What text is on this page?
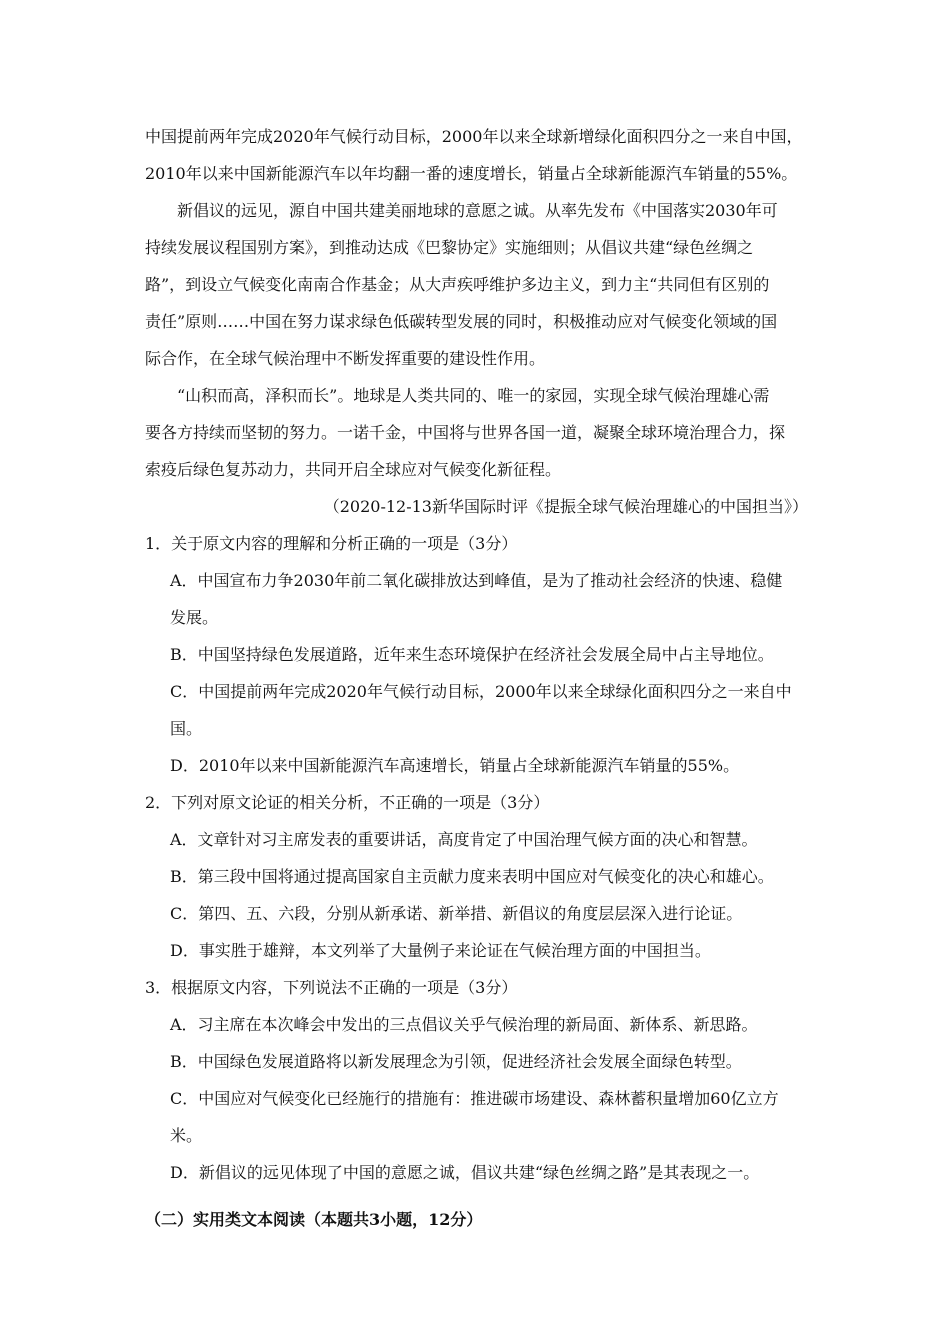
中国提前两年完成2020年气候行动目标，2000年以来全球新增绿化面积四分之一来自中国，
2010年以来中国新能源汽车以年均翻一番的速度增长，销量占全球新能源汽车销量的55%。
　　新倡议的远见，源自中国共建美丽地球的意愿之诚。从率先发布《中国落实2030年可
持续发展议程国别方案》，到推动达成《巴黎协定》实施细则；从倡议共建“绿色丝绸之
路”，到设立气候变化南南合作基金；从大声疾呼维护多边主义，到力主“共同但有区别的
责任”原则……中国在努力谋求绿色低碳转型发展的同时，积极推动应对气候变化领域的国
际合作，在全球气候治理中不断发挥重要的建设性作用。
　　“山积而高，泽积而长”。地球是人类共同的、唯一的家园，实现全球气候治理雄心需
要各方持续而坚韧的努力。一诺千金，中国将与世界各国一道，凝聚全球环境治理合力，探
索疫后绿色复苏动力，共同开启全球应对气候变化新征程。
（2020-12-13新华国际时评《提振全球气候治理雄心的中国担当》）
1．关于原文内容的理解和分析正确的一项是（3分）
A．中国宣布力争2030年前二氧化碳排放达到峰值，是为了推动社会经济的快速、稳健
发展。
B．中国坚持绿色发展道路，近年来生态环境保护在经济社会发展全局中占主导地位。
C．中国提前两年完成2020年气候行动目标，2000年以来全球绿化面积四分之一来自中
国。
D．2010年以来中国新能源汽车高速增长，销量占全球新能源汽车销量的55%。
2．下列对原文论证的相关分析，不正确的一项是（3分）
A．文章针对习主席发表的重要讲话，高度肯定了中国治理气候方面的决心和智慧。
B．第三段中国将通过提高国家自主贡献力度来表明中国应对气候变化的决心和雄心。
C．第四、五、六段，分别从新承诺、新举措、新倡议的角度层层深入进行论证。
D．事实胜于雄辩，本文列举了大量例子来论证在气候治理方面的中国担当。
3．根据原文内容，下列说法不正确的一项是（3分）
A．习主席在本次峰会中发出的三点倡议关乎气候治理的新局面、新体系、新思路。
B．中国绿色发展道路将以新发展理念为引领，促进经济社会发展全面绿色转型。
C．中国应对气候变化已经施行的措施有：推进碳市场建设、森林蓄积量增加60亿立方
米。
D．新倡议的远见体现了中国的意愿之诚，倡议共建“绿色丝绸之路”是其表现之一。
（二）实用类文本阅读（本题共3小题，12分）
